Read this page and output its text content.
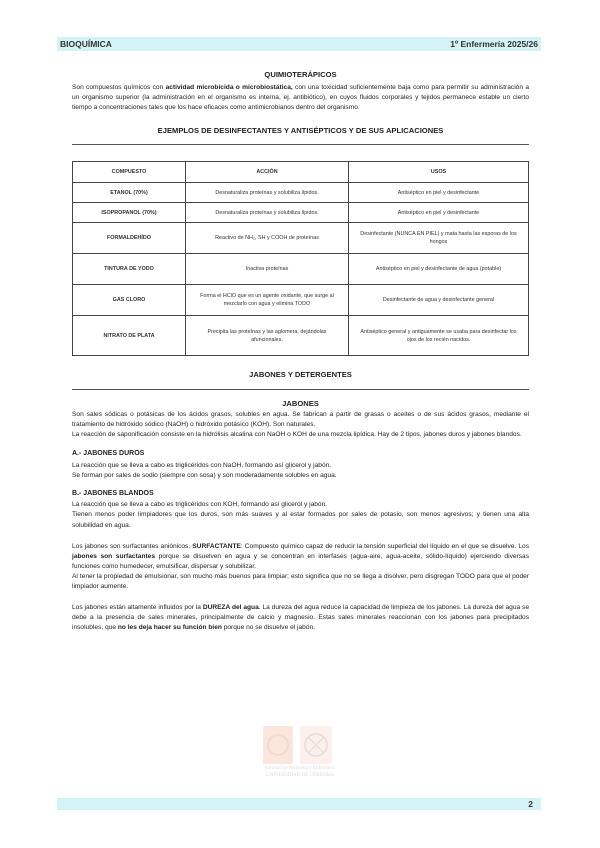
BIOQUÍMICA	1º Enfermería 2025/26

QUIMIOTERÁPICOS

Son compuestos químicos con actividad microbicida o microbiostática, con una toxicidad suficientemente baja como para permitir su administración a un organismo superior (la administración en el organismo es interna, ej. antibiótico), en cuyos fluidos corporales y tejidos permanece estable un cierto tiempo a concentraciones tales que los hace eficaces como antimicrobianos dentro del organismo.

EJEMPLOS DE DESINFECTANTES Y ANTISÉPTICOS Y DE SUS APLICACIONES

COMPUESTO	ACCIÓN	USOS
ETANOL (70%)	Desnaturaliza proteínas y solubiliza lípidos.	Antiséptico en piel y desinfectante
ISOPROPANOL (70%)	Desnaturaliza proteínas y solubiliza lípidos.	Antiséptico en piel y desinfectante
FORMALDEHÍDO	Reactivo de NH₂, SH y COOH de proteínas	Desinfectante (NUNCA EN PIEL) y mata hasta las esporas de los hongos
TINTURA DE YODO	Inactiva proteínas	Antiséptico en piel y desinfectante de agua (potable)
GAS CLORO	Forma el HClO que es un agente oxidante, que surge al mezclarlo con agua y elimina TODO	Desinfectante de agua y desinfectante general
NITRATO DE PLATA	Precipita las proteínas y las aglomera, dejándolas afuncionales.	Antiséptico general y antiguamente se usaba para desinfectar los ojos de los recién nacidos.

JABONES Y DETERGENTES

JABONES

Son sales sódicas o potásicas de los ácidos grasos, solubles en agua. Se fabrican a partir de grasas o aceites o de sus ácidos grasos, mediante el tratamiento de hidróxido sódico (NaOH) o hidróxido potásico (KOH). Son naturales.

La reacción de saponificación consiste en la hidrólisis alcalina con NaOH o KOH de una mezcla lipídica. Hay de 2 tipos, jabones duros y jabones blandos.

A.- JABONES DUROS

La reacción que se lleva a cabo es triglicéridos con NaOH, formando así glicerol y jabón.

Se forman por sales de sodio (siempre con sosa) y son moderadamente solubles en agua.

B.- JABONES BLANDOS

La reacción que se lleva a cabo es triglicéridos con KOH, formando así glicerol y jabón.

Tienen menos poder limpiadores que los duros, son más suaves y al estar formados por sales de potasio, son menos agresivos; y tienen una alta solubilidad en agua.

Los jabones son surfactantes aniónicos. SURFACTANTE: Compuesto químico capaz de reducir la tensión superficial del líquido en el que se disuelve. Los jabones son surfactantes porque se disuelven en agua y se concentran en interfases (agua-aire, agua-aceite, sólido-líquido) ejerciendo diversas funciones como humedecer, emulsificar, dispersar y solubilizar.

Al tener la propiedad de emulsionar, son mucho más buenos para limpiar; esto significa que no se llega a disolver, pero disgregan TODO para que el poder limpiador aumente.

Los jabones están altamente influidos por la DUREZA del agua. La dureza del agua reduce la capacidad de limpieza de los jabones. La dureza del agua se debe a la presencia de sales minerales, principalmente de calcio y magnesio. Estas sales minerales reaccionan con los jabones para precipitados insolubles, que no les deja hacer su función bien porque no se disuelve el jabón.

Facultad de Medicina y Enfermería
UNIVERSIDAD DE CÓRDOBA
2
